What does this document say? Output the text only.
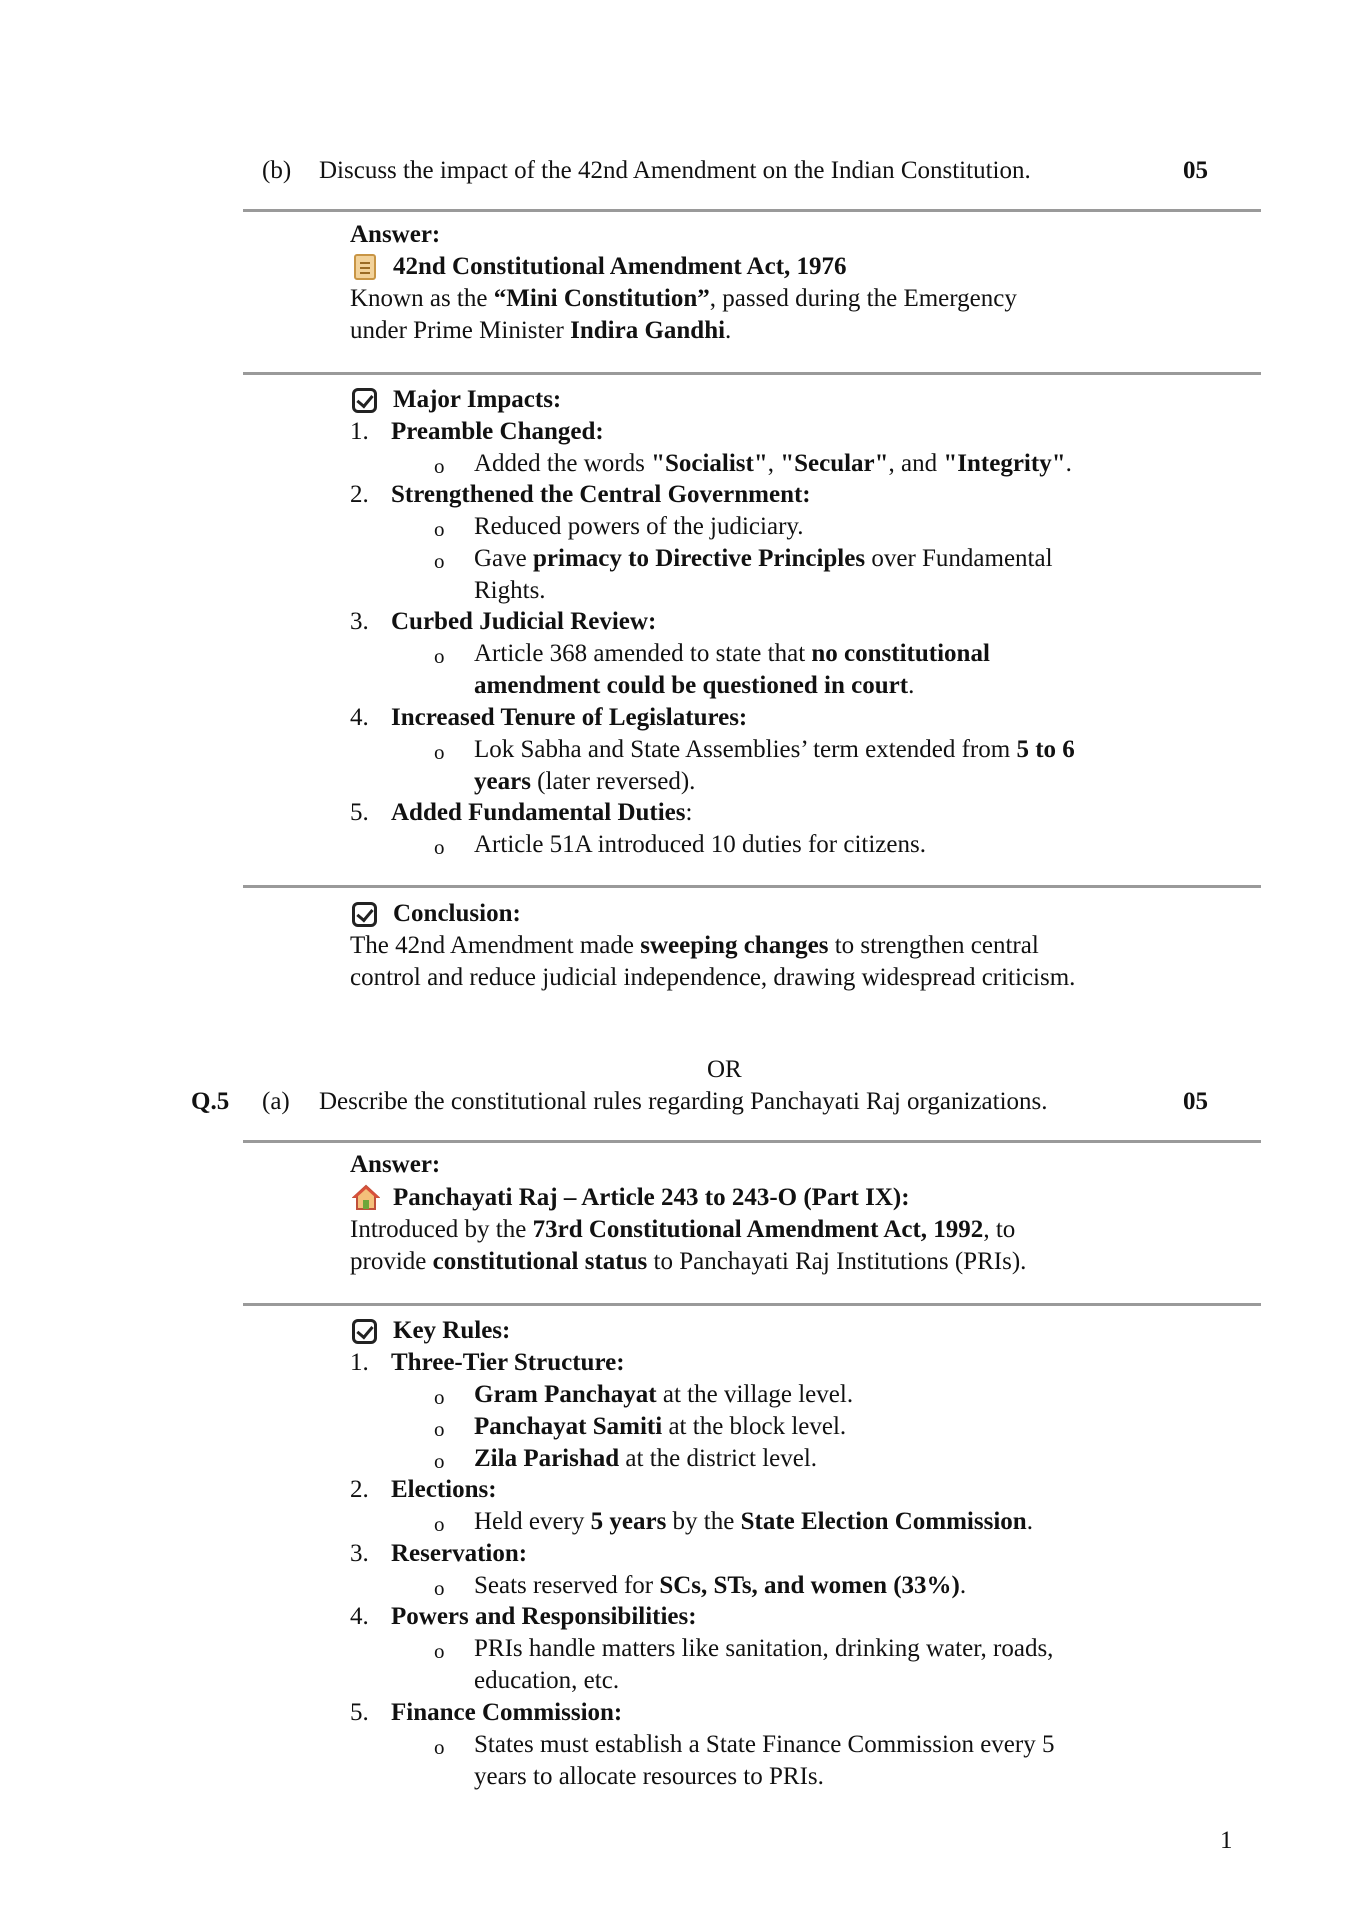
(b) Discuss the impact of the 42nd Amendment on the Indian Constitution.	05
Answer:
42nd Constitutional Amendment Act, 1976
Known as the “Mini Constitution”, passed during the Emergency
under Prime Minister Indira Gandhi.
Major Impacts:
1. Preamble Changed:
o Added the words "Socialist", "Secular", and "Integrity".
2. Strengthened the Central Government:
o Reduced powers of the judiciary.
o Gave primacy to Directive Principles over Fundamental
Rights.
3. Curbed Judicial Review:
o Article 368 amended to state that no constitutional
amendment could be questioned in court.
4. Increased Tenure of Legislatures:
o Lok Sabha and State Assemblies’ term extended from 5 to 6
years (later reversed).
5. Added Fundamental Duties:
o Article 51A introduced 10 duties for citizens.
Conclusion:
The 42nd Amendment made sweeping changes to strengthen central
control and reduce judicial independence, drawing widespread criticism.
OR
Q.5 (a) Describe the constitutional rules regarding Panchayati Raj organizations.	05
Answer:
Panchayati Raj – Article 243 to 243-O (Part IX):
Introduced by the 73rd Constitutional Amendment Act, 1992, to
provide constitutional status to Panchayati Raj Institutions (PRIs).
Key Rules:
1. Three-Tier Structure:
o Gram Panchayat at the village level.
o Panchayat Samiti at the block level.
o Zila Parishad at the district level.
2. Elections:
o Held every 5 years by the State Election Commission.
3. Reservation:
o Seats reserved for SCs, STs, and women (33%).
4. Powers and Responsibilities:
o PRIs handle matters like sanitation, drinking water, roads,
education, etc.
5. Finance Commission:
o States must establish a State Finance Commission every 5
years to allocate resources to PRIs.
1
